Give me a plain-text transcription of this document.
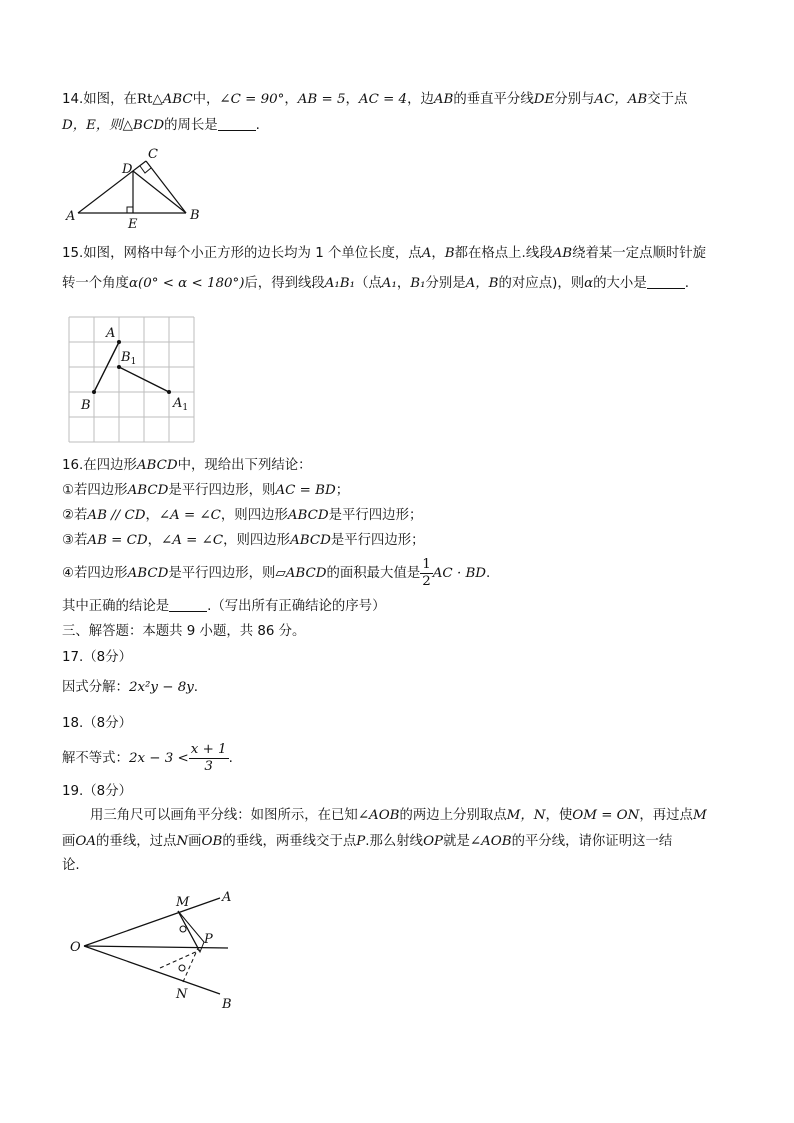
14.如图，在Rt△ABC中，∠C = 90°，AB = 5，AC = 4，边AB的垂直平分线DE分别与AC，AB交于点
D，E，则△BCD的周长是	.
C
D
A
E
B
15.如图，网格中每个小正方形的边长均为 1 个单位长度，点A，B都在格点上.线段AB绕着某一定点顺时针旋
转一个角度α(0° < α < 180°)后，得到线段A₁B₁（点A₁，B₁分别是A，B的对应点)，则α的大小是	.
A
$B_1$
B	$A_1$
16.在四边形ABCD中，现给出下列结论：
①若四边形ABCD是平行四边形，则AC = BD；
②若AB // CD，∠A = ∠C，则四边形ABCD是平行四边形；
③若AB = CD，∠A = ∠C，则四边形ABCD是平行四边形；
④若四边形ABCD是平行四边形，则▱ABCD的面积最大值是 $\frac{1}{2}$ AC · BD.
其中正确的结论是	.（写出所有正确结论的序号）
三、解答题：本题共 9 小题，共 86 分。
17.（8分）
因式分解：2x²y − 8y.
18.（8分）
解不等式：$2x - 3 < \frac{x + 1}{3}$ .
19.（8分）
用三角尺可以画角平分线：如图所示，在已知∠AOB的两边上分别取点M，N，使OM = ON，再过点M
画OA的垂线，过点N画OB的垂线，两垂线交于点P.那么射线OP就是∠AOB的平分线，请你证明这一结
论.
M	A
O
P
N
B
